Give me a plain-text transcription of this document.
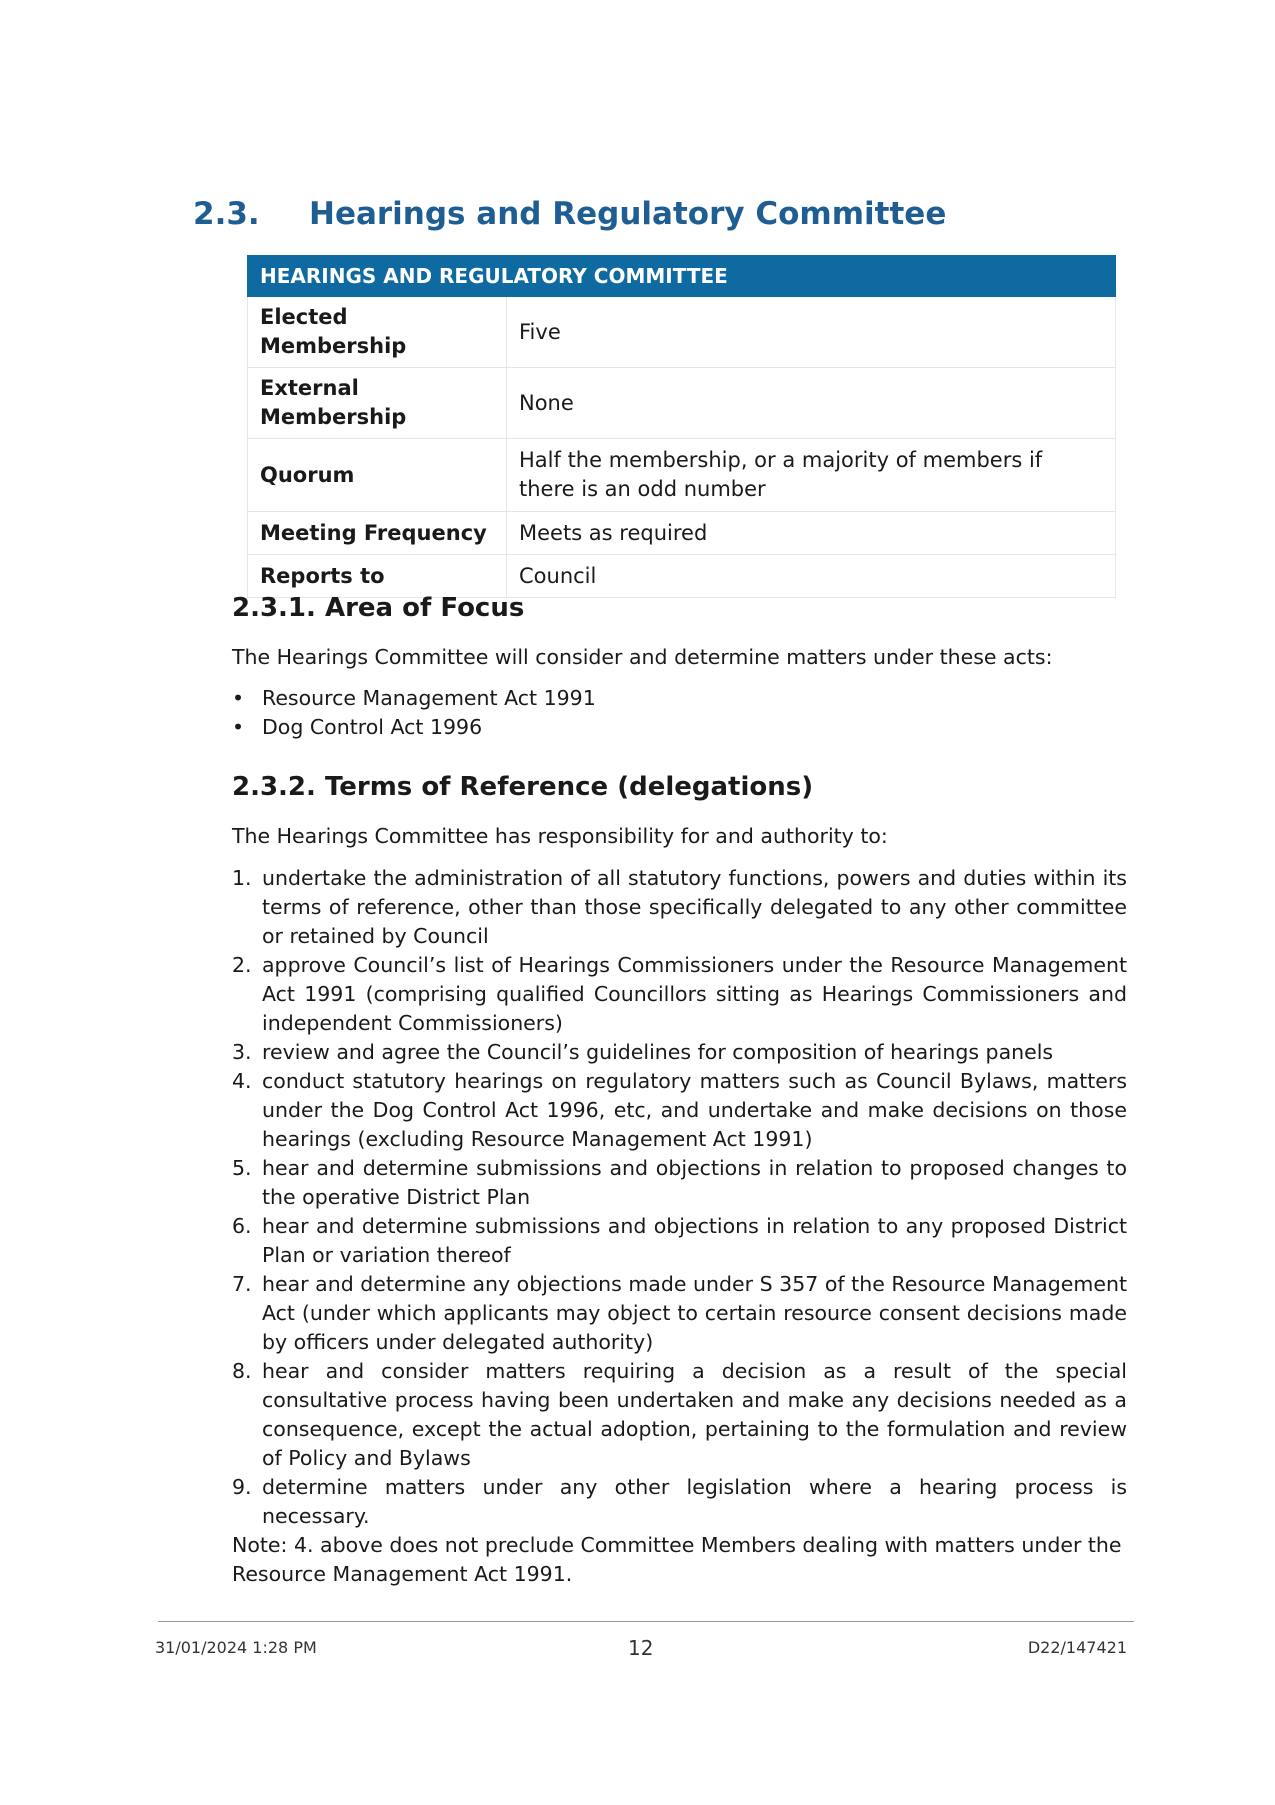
2.3. Hearings and Regulatory Committee
HEARINGS AND REGULATORY COMMITTEE	
Elected Membership	Five
External Membership	None
Quorum	Half the membership, or a majority of members if there is an odd number
Meeting Frequency	Meets as required
Reports to	Council
2.3.1. Area of Focus
The Hearings Committee will consider and determine matters under these acts:
• Resource Management Act 1991
• Dog Control Act 1996
2.3.2. Terms of Reference (delegations)
The Hearings Committee has responsibility for and authority to:
1. undertake the administration of all statutory functions, powers and duties within its terms of reference, other than those specifically delegated to any other committee or retained by Council
2. approve Council’s list of Hearings Commissioners under the Resource Management Act 1991 (comprising qualified Councillors sitting as Hearings Commissioners and independent Commissioners)
3. review and agree the Council’s guidelines for composition of hearings panels
4. conduct statutory hearings on regulatory matters such as Council Bylaws, matters under the Dog Control Act 1996, etc, and undertake and make decisions on those hearings (excluding Resource Management Act 1991)
5. hear and determine submissions and objections in relation to proposed changes to the operative District Plan
6. hear and determine submissions and objections in relation to any proposed District Plan or variation thereof
7. hear and determine any objections made under S 357 of the Resource Management Act (under which applicants may object to certain resource consent decisions made by officers under delegated authority)
8. hear and consider matters requiring a decision as a result of the special consultative process having been undertaken and make any decisions needed as a consequence, except the actual adoption, pertaining to the formulation and review of Policy and Bylaws
9. determine matters under any other legislation where a hearing process is necessary.
Note: 4. above does not preclude Committee Members dealing with matters under the Resource Management Act 1991.
31/01/2024 1:28 PM	12	D22/147421
